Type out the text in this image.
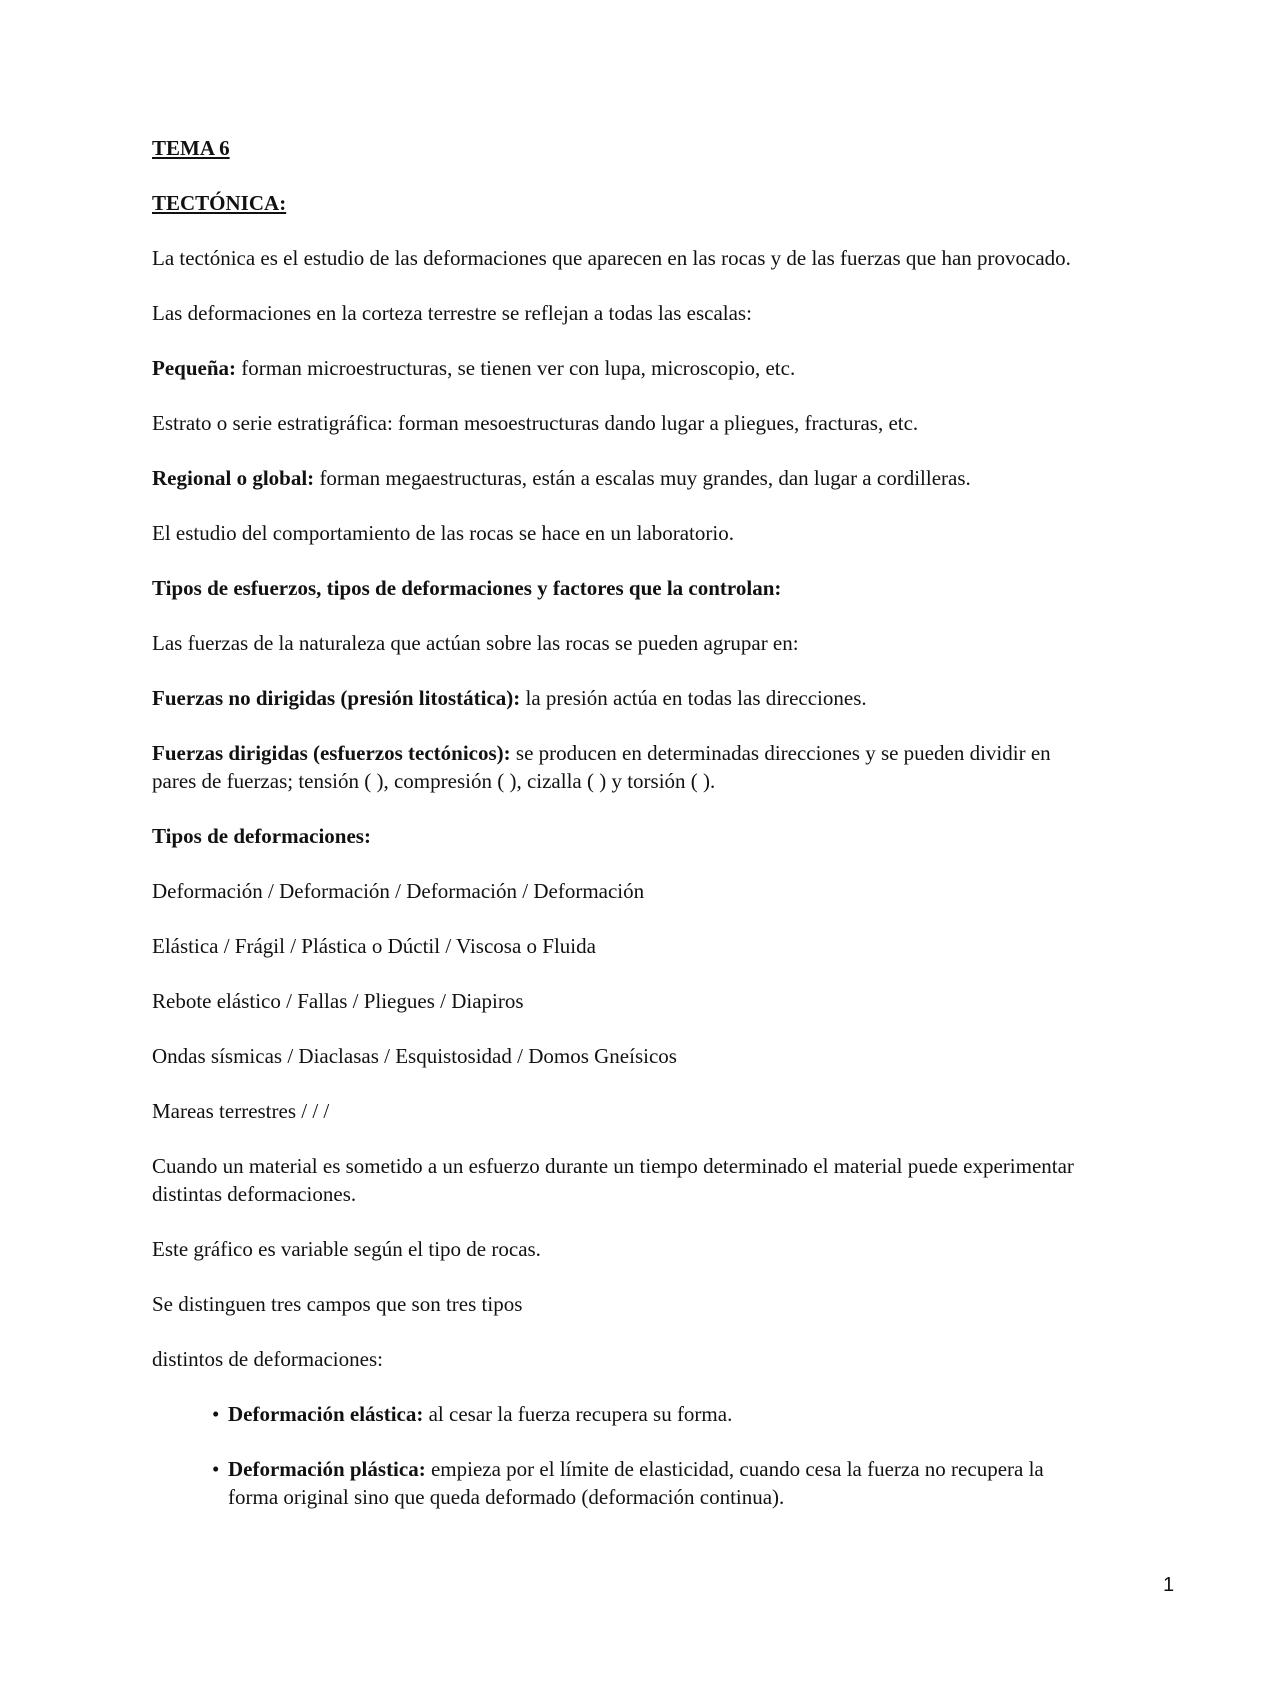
TEMA 6
TECTÓNICA:
La tectónica es el estudio de las deformaciones que aparecen en las rocas y de las fuerzas que han provocado.
Las deformaciones en la corteza terrestre se reflejan a todas las escalas:
Pequeña: forman microestructuras, se tienen ver con lupa, microscopio, etc.
Estrato o serie estratigráfica: forman mesoestructuras dando lugar a pliegues, fracturas, etc.
Regional o global: forman megaestructuras, están a escalas muy grandes, dan lugar a cordilleras.
El estudio del comportamiento de las rocas se hace en un laboratorio.
Tipos de esfuerzos, tipos de deformaciones y factores que la controlan:
Las fuerzas de la naturaleza que actúan sobre las rocas se pueden agrupar en:
Fuerzas no dirigidas (presión litostática): la presión actúa en todas las direcciones.
Fuerzas dirigidas (esfuerzos tectónicos): se producen en determinadas direcciones y se pueden dividir en
pares de fuerzas; tensión ( ), compresión ( ), cizalla ( ) y torsión ( ).
Tipos de deformaciones:
Deformación / Deformación / Deformación / Deformación
Elástica / Frágil / Plástica o Dúctil / Viscosa o Fluida
Rebote elástico / Fallas / Pliegues / Diapiros
Ondas sísmicas / Diaclasas / Esquistosidad / Domos Gneísicos
Mareas terrestres / / /
Cuando un material es sometido a un esfuerzo durante un tiempo determinado el material puede experimentar
distintas deformaciones.
Este gráfico es variable según el tipo de rocas.
Se distinguen tres campos que son tres tipos
distintos de deformaciones:
• Deformación elástica: al cesar la fuerza recupera su forma.
• Deformación plástica: empieza por el límite de elasticidad, cuando cesa la fuerza no recupera la
forma original sino que queda deformado (deformación continua).
1
